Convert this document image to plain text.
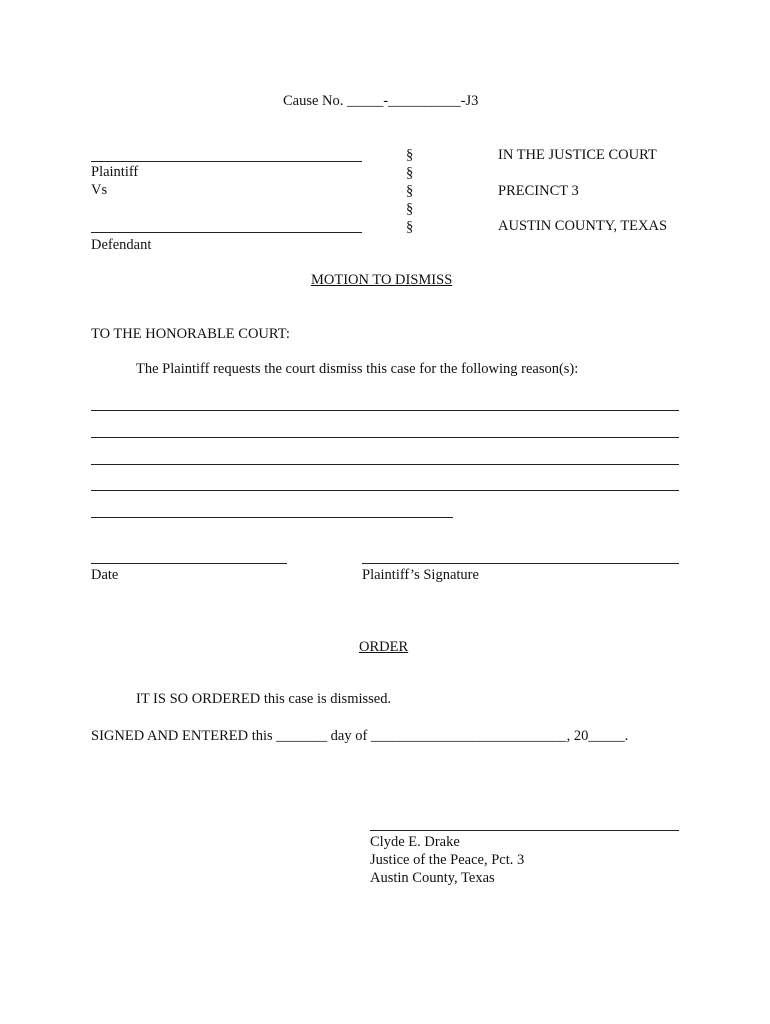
Cause No. _____-__________-J3
Plaintiff
Vs
Defendant
§
§
§
§
§
IN THE JUSTICE COURT
PRECINCT 3
AUSTIN COUNTY, TEXAS
MOTION TO DISMISS
TO THE HONORABLE COURT:
The Plaintiff requests the court dismiss this case for the following reason(s):
Date	Plaintiff’s Signature
ORDER
IT IS SO ORDERED this case is dismissed.
SIGNED AND ENTERED this _______ day of ___________________________, 20_____.
Clyde E. Drake
Justice of the Peace, Pct. 3
Austin County, Texas
